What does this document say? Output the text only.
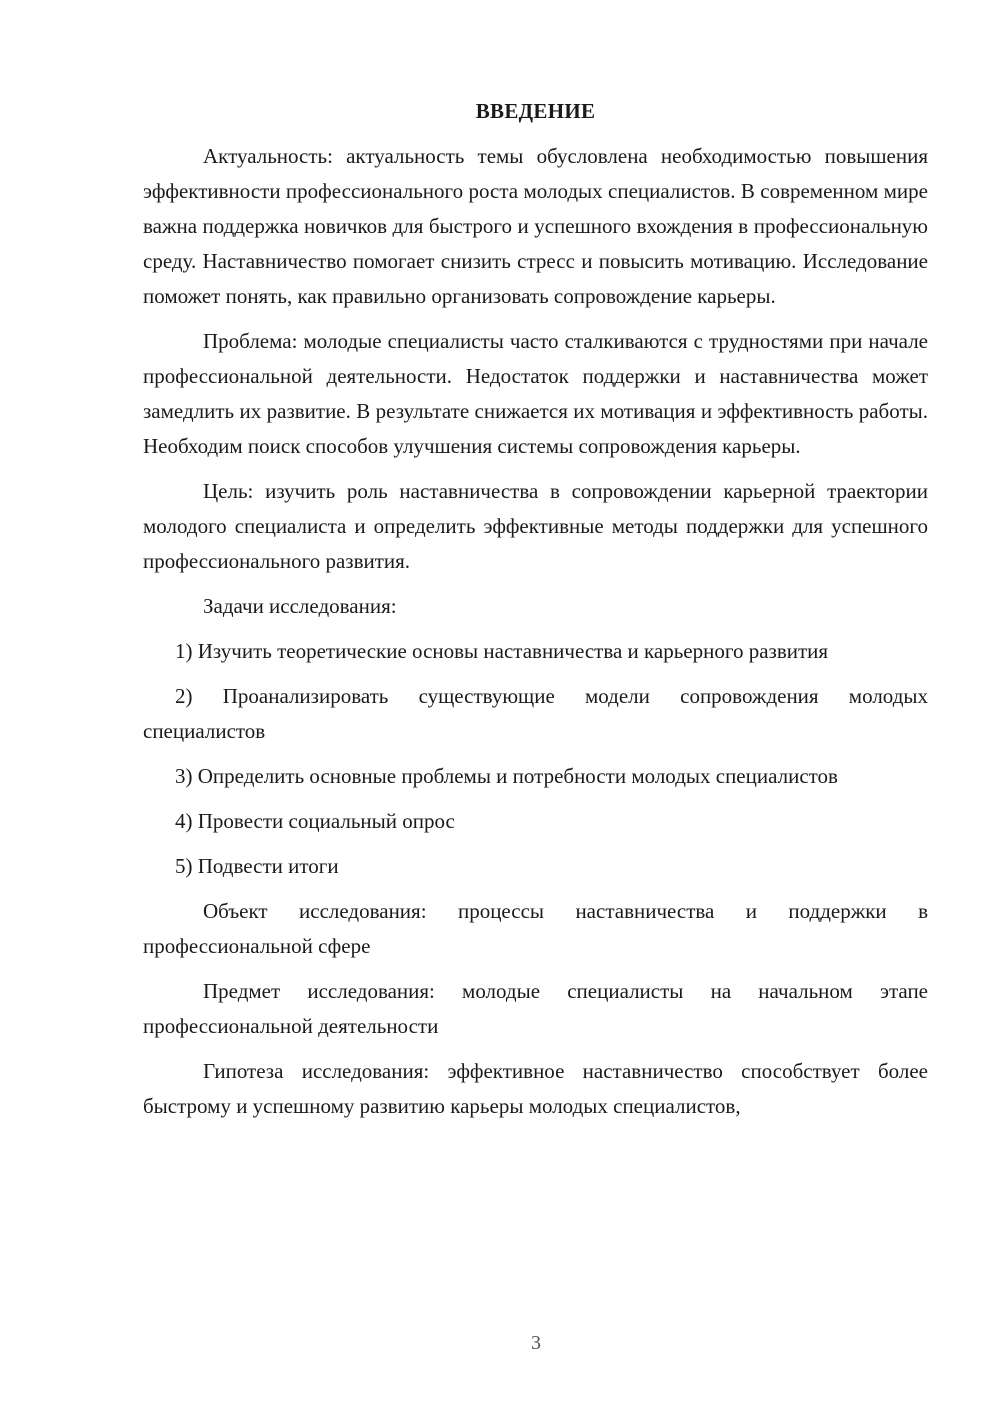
ВВЕДЕНИЕ

Актуальность: актуальность темы обусловлена необходимостью повышения эффективности профессионального роста молодых специалистов. В современном мире важна поддержка новичков для быстрого и успешного вхождения в профессиональную среду. Наставничество помогает снизить стресс и повысить мотивацию. Исследование поможет понять, как правильно организовать сопровождение карьеры.

Проблема: молодые специалисты часто сталкиваются с трудностями при начале профессиональной деятельности. Недостаток поддержки и наставничества может замедлить их развитие. В результате снижается их мотивация и эффективность работы. Необходим поиск способов улучшения системы сопровождения карьеры.

Цель: изучить роль наставничества в сопровождении карьерной траектории молодого специалиста и определить эффективные методы поддержки для успешного профессионального развития.

Задачи исследования:

1) Изучить теоретические основы наставничества и карьерного развития

2) Проанализировать существующие модели сопровождения молодых специалистов

3) Определить основные проблемы и потребности молодых специалистов

4) Провести социальный опрос

5) Подвести итоги

Объект исследования: процессы наставничества и поддержки в профессиональной сфере

Предмет исследования: молодые специалисты на начальном этапе профессиональной деятельности

Гипотеза исследования: эффективное наставничество способствует более быстрому и успешному развитию карьеры молодых специалистов,

3
